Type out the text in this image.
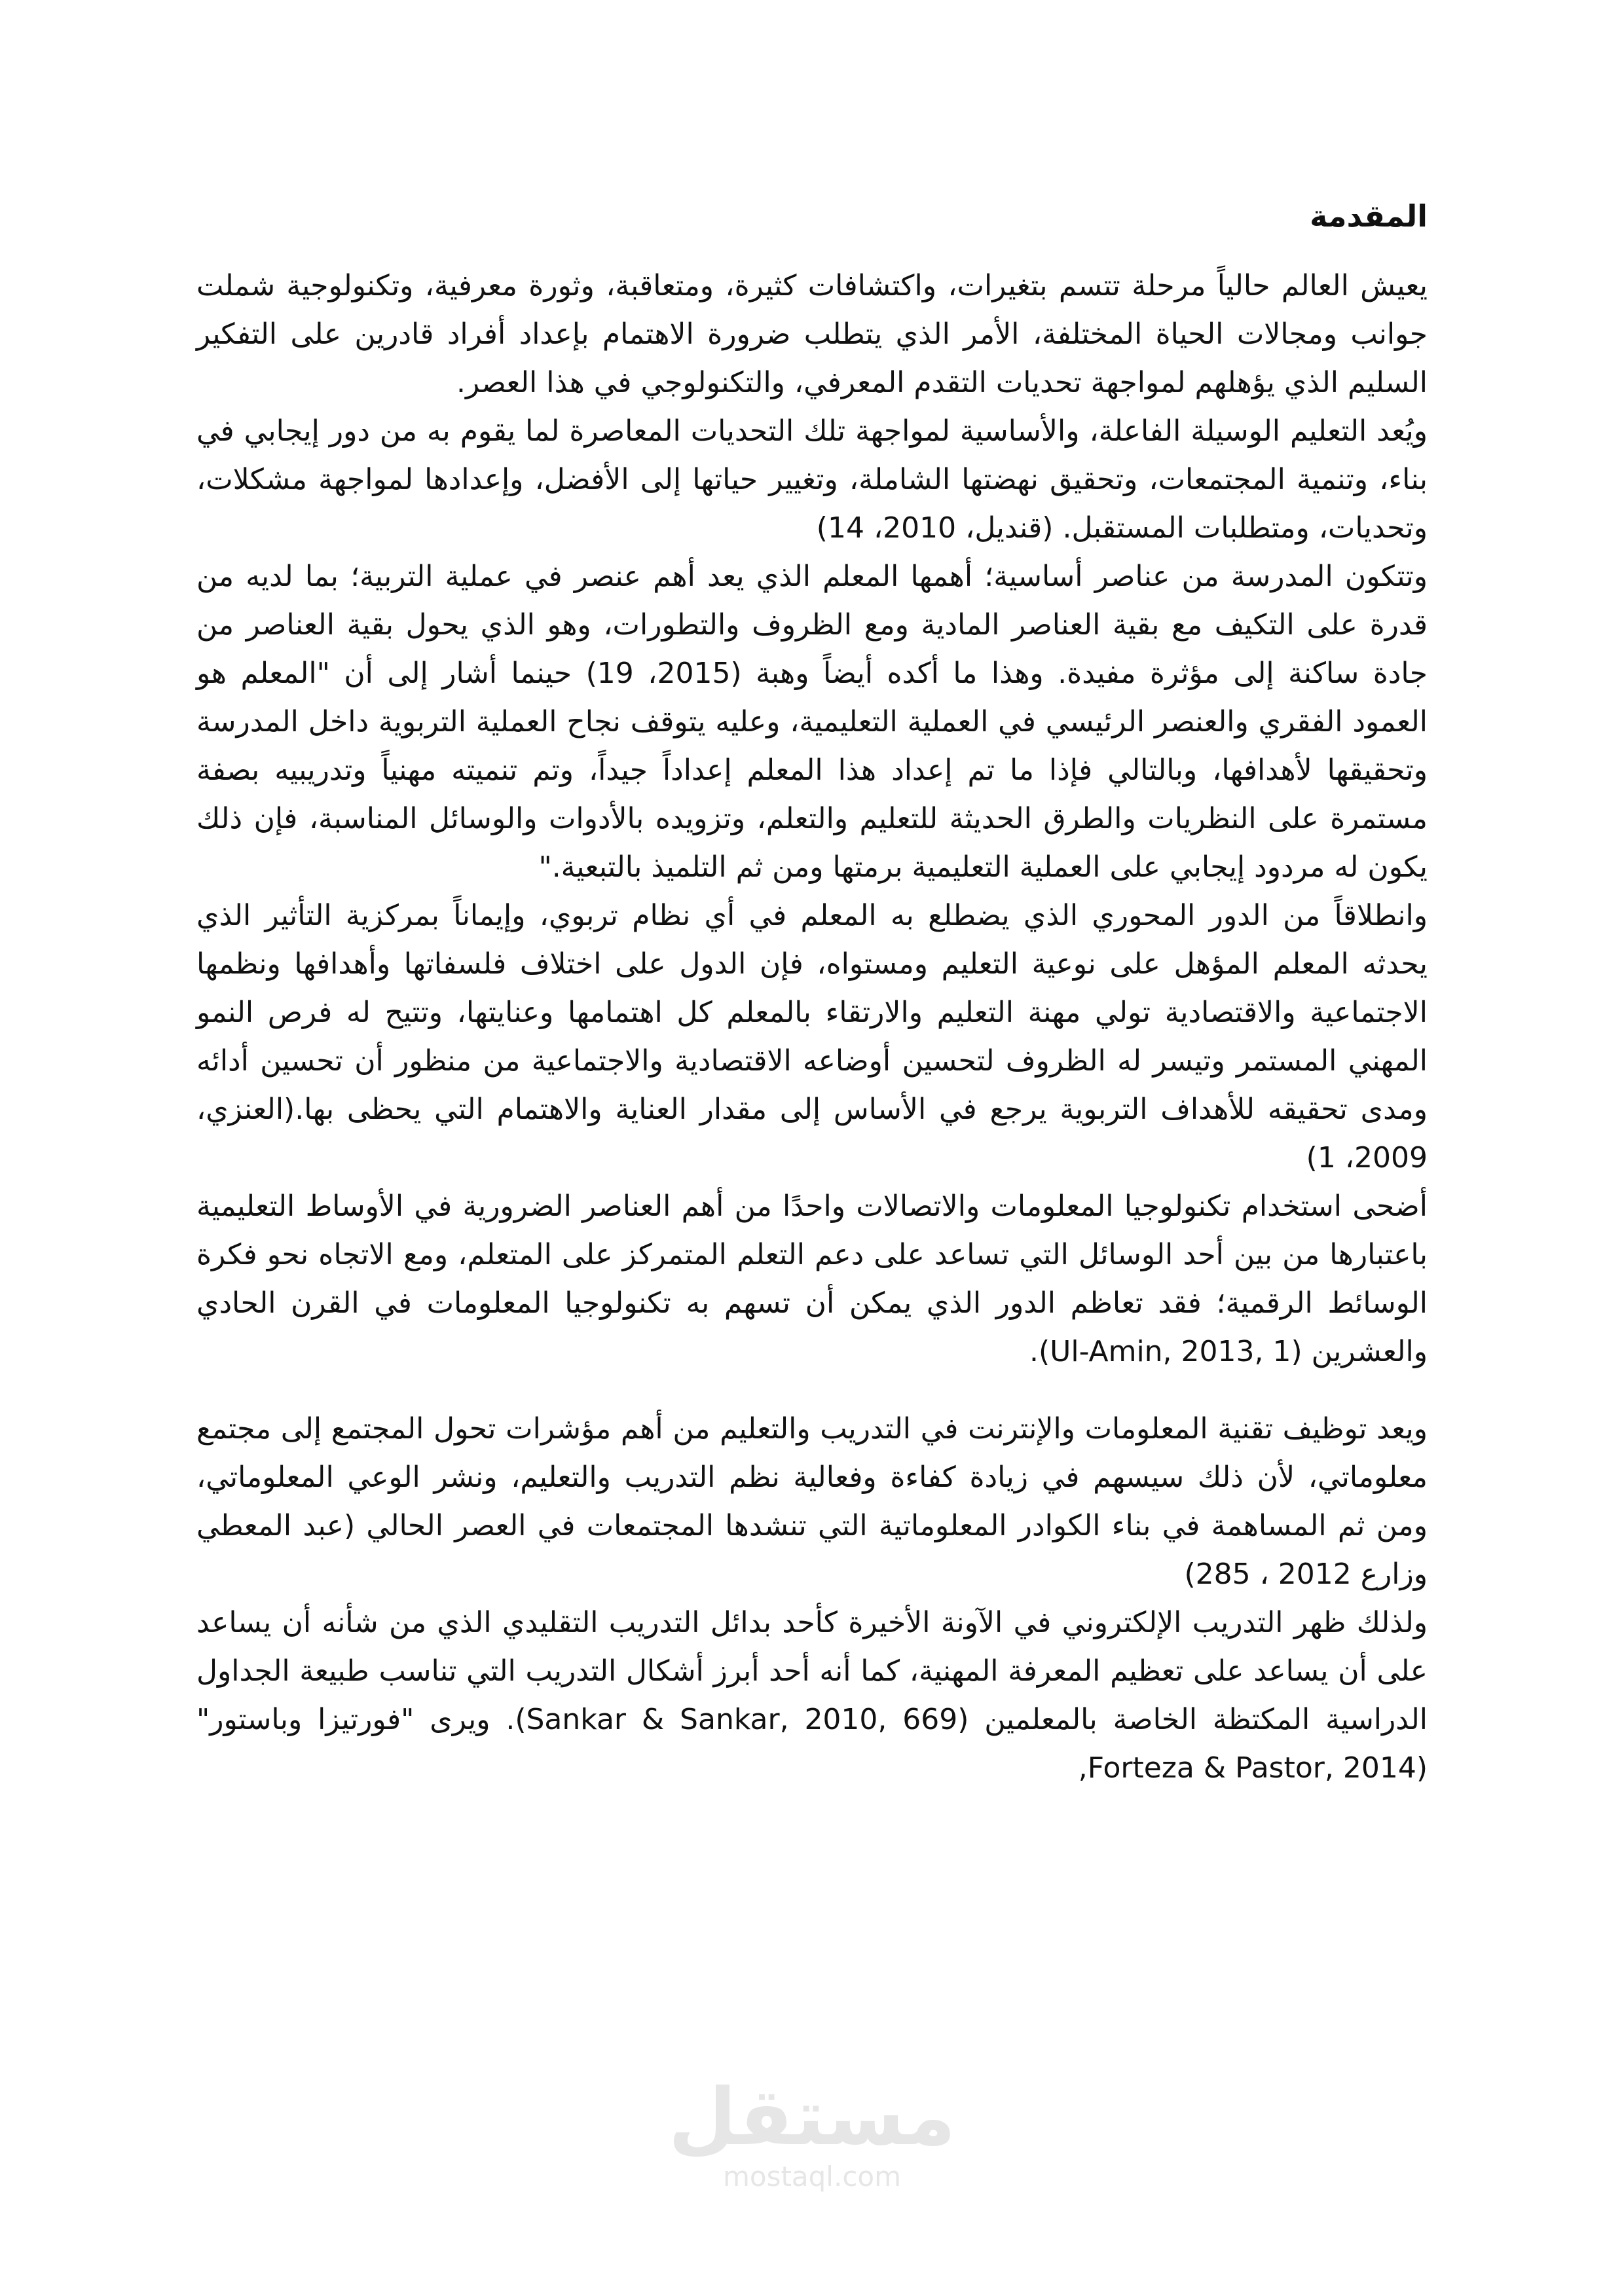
المقدمة

يعيش العالم حالياً مرحلة تتسم بتغيرات، واكتشافات كثيرة، ومتعاقبة، وثورة معرفية، وتكنولوجية شملت جوانب ومجالات الحياة المختلفة، الأمر الذي يتطلب ضرورة الاهتمام بإعداد أفراد قادرين على التفكير السليم الذي يؤهلهم لمواجهة تحديات التقدم المعرفي، والتكنولوجي في هذا العصر.

ويُعد التعليم الوسيلة الفاعلة، والأساسية لمواجهة تلك التحديات المعاصرة لما يقوم به من دور إيجابي في بناء، وتنمية المجتمعات، وتحقيق نهضتها الشاملة، وتغيير حياتها إلى الأفضل، وإعدادها لمواجهة مشكلات، وتحديات، ومتطلبات المستقبل. (قنديل، 2010، 14)

وتتكون المدرسة من عناصر أساسية؛ أهمها المعلم الذي يعد أهم عنصر في عملية التربية؛ بما لديه من قدرة على التكيف مع بقية العناصر المادية ومع الظروف والتطورات، وهو الذي يحول بقية العناصر من جادة ساكنة إلى مؤثرة مفيدة. وهذا ما أكده أيضاً وهبة (2015، 19) حينما أشار إلى أن "المعلم هو العمود الفقري والعنصر الرئيسي في العملية التعليمية، وعليه يتوقف نجاح العملية التربوية داخل المدرسة وتحقيقها لأهدافها، وبالتالي فإذا ما تم إعداد هذا المعلم إعداداً جيداً، وتم تنميته مهنياً وتدريبيه بصفة مستمرة على النظريات والطرق الحديثة للتعليم والتعلم، وتزويده بالأدوات والوسائل المناسبة، فإن ذلك يكون له مردود إيجابي على العملية التعليمية برمتها ومن ثم التلميذ بالتبعية."

وانطلاقاً من الدور المحوري الذي يضطلع به المعلم في أي نظام تربوي، وإيماناً بمركزية التأثير الذي يحدثه المعلم المؤهل على نوعية التعليم ومستواه، فإن الدول على اختلاف فلسفاتها وأهدافها ونظمها الاجتماعية والاقتصادية تولي مهنة التعليم والارتقاء بالمعلم كل اهتمامها وعنايتها، وتتيح له فرص النمو المهني المستمر وتيسر له الظروف لتحسين أوضاعه الاقتصادية والاجتماعية من منظور أن تحسين أدائه ومدى تحقيقه للأهداف التربوية يرجع في الأساس إلى مقدار العناية والاهتمام التي يحظى بها.(العنزي، 2009، 1)

أضحى استخدام تكنولوجيا المعلومات والاتصالات واحدًا من أهم العناصر الضرورية في الأوساط التعليمية باعتبارها من بين أحد الوسائل التي تساعد على دعم التعلم المتمركز على المتعلم، ومع الاتجاه نحو فكرة الوسائط الرقمية؛ فقد تعاظم الدور الذي يمكن أن تسهم به تكنولوجيا المعلومات في القرن الحادي والعشرين (Ul-Amin, 2013, 1).

ويعد توظيف تقنية المعلومات والإنترنت في التدريب والتعليم من أهم مؤشرات تحول المجتمع إلى مجتمع معلوماتي، لأن ذلك سيسهم في زيادة كفاءة وفعالية نظم التدريب والتعليم، ونشر الوعي المعلوماتي، ومن ثم المساهمة في بناء الكوادر المعلوماتية التي تنشدها المجتمعات في العصر الحالي (عبد المعطي وزارع 2012 ، 285)

ولذلك ظهر التدريب الإلكتروني في الآونة الأخيرة كأحد بدائل التدريب التقليدي الذي من شأنه أن يساعد على أن يساعد على تعظيم المعرفة المهنية، كما أنه أحد أبرز أشكال التدريب التي تناسب طبيعة الجداول الدراسية المكتظة الخاصة بالمعلمين (Sankar & Sankar, 2010, 669). ويرى "فورتيزا وباستور" (Forteza & Pastor, 2014,

مستقل
mostaql.com
